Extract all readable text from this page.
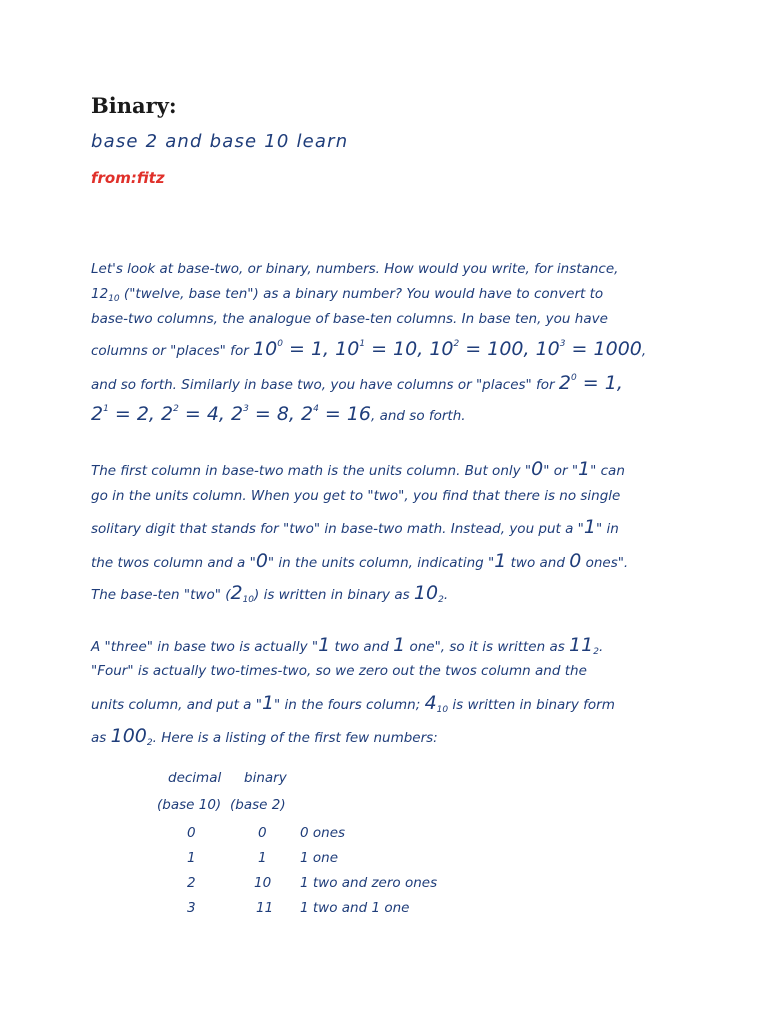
Binary:
base 2 and base 10 learn
from:fitz
Let's look at base-two, or binary, numbers. How would you write, for instance,
$12_{10}$ ("twelve, base ten") as a binary number? You would have to convert to
base-two columns, the analogue of base-ten columns. In base ten, you have
columns or "places" for $10^0 = 1$, $10^1 = 10$, $10^2 = 100$, $10^3 = 1000$,
and so forth. Similarly in base two, you have columns or "places" for $2^0 = 1$,
$2^1 = 2$, $2^2 = 4$, $2^3 = 8$, $2^4 = 16$, and so forth.
The first column in base-two math is the units column. But only "0" or "1" can
go in the units column. When you get to "two", you find that there is no single
solitary digit that stands for "two" in base-two math. Instead, you put a "1" in
the twos column and a "0" in the units column, indicating "1 two and 0 ones".
The base-ten "two" $(2_{10})$ is written in binary as $10_2$.
A "three" in base two is actually "1 two and 1 one", so it is written as $11_2$.
"Four" is actually two-times-two, so we zero out the twos column and the
units column, and put a "1" in the fours column; $4_{10}$ is written in binary form
as $100_2$. Here is a listing of the first few numbers:
decimal binary
(base 10) (base 2)
0	0 0 ones
1	1 1 one
2	10 1 two and zero ones
3	11 1 two and 1 one
